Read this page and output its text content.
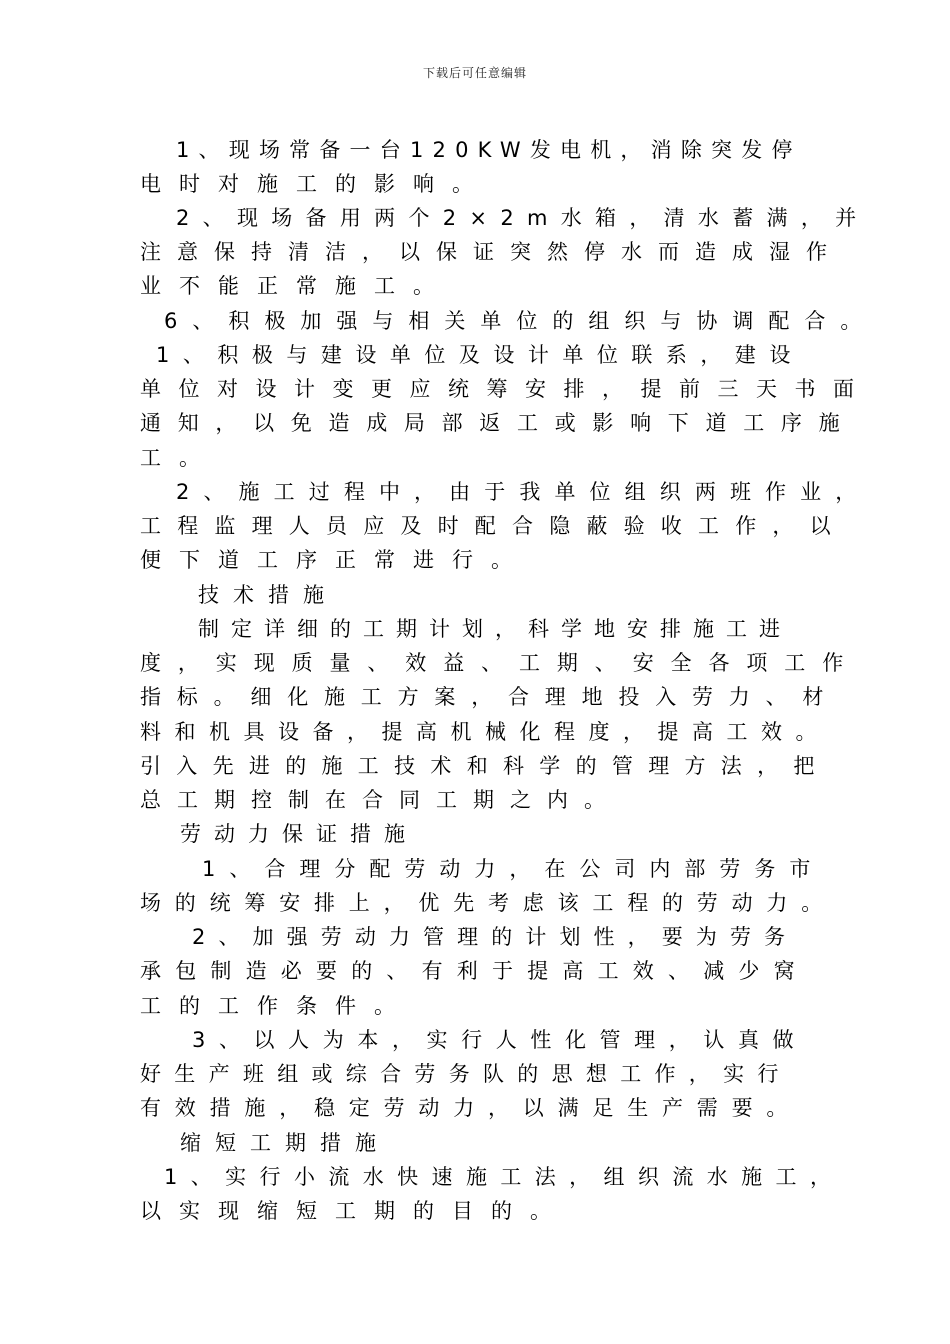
下载后可任意编辑
1、现场常备一台120KW发电机，消除突发停
电时对施工的影响。
2、现场备用两个2×2m水箱，清水蓄满，并
注意保持清洁，以保证突然停水而造成湿作
业不能正常施工。
6、积极加强与相关单位的组织与协调配合。
1、积极与建设单位及设计单位联系，建设
单位对设计变更应统筹安排，提前三天书面
通知，以免造成局部返工或影响下道工序施
工。
2、施工过程中，由于我单位组织两班作业，
工程监理人员应及时配合隐蔽验收工作，以
便下道工序正常进行。
技术措施
制定详细的工期计划，科学地安排施工进
度，实现质量、效益、工期、安全各项工作
指标。细化施工方案，合理地投入劳力、材
料和机具设备，提高机械化程度，提高工效。
引入先进的施工技术和科学的管理方法，把
总工期控制在合同工期之内。
劳动力保证措施
1、合理分配劳动力，在公司内部劳务市
场的统筹安排上，优先考虑该工程的劳动力。
2、加强劳动力管理的计划性，要为劳务
承包制造必要的、有利于提高工效、减少窝
工的工作条件。
3、以人为本，实行人性化管理，认真做
好生产班组或综合劳务队的思想工作，实行
有效措施，稳定劳动力，以满足生产需要。
缩短工期措施
1、实行小流水快速施工法，组织流水施工，
以实现缩短工期的目的。
